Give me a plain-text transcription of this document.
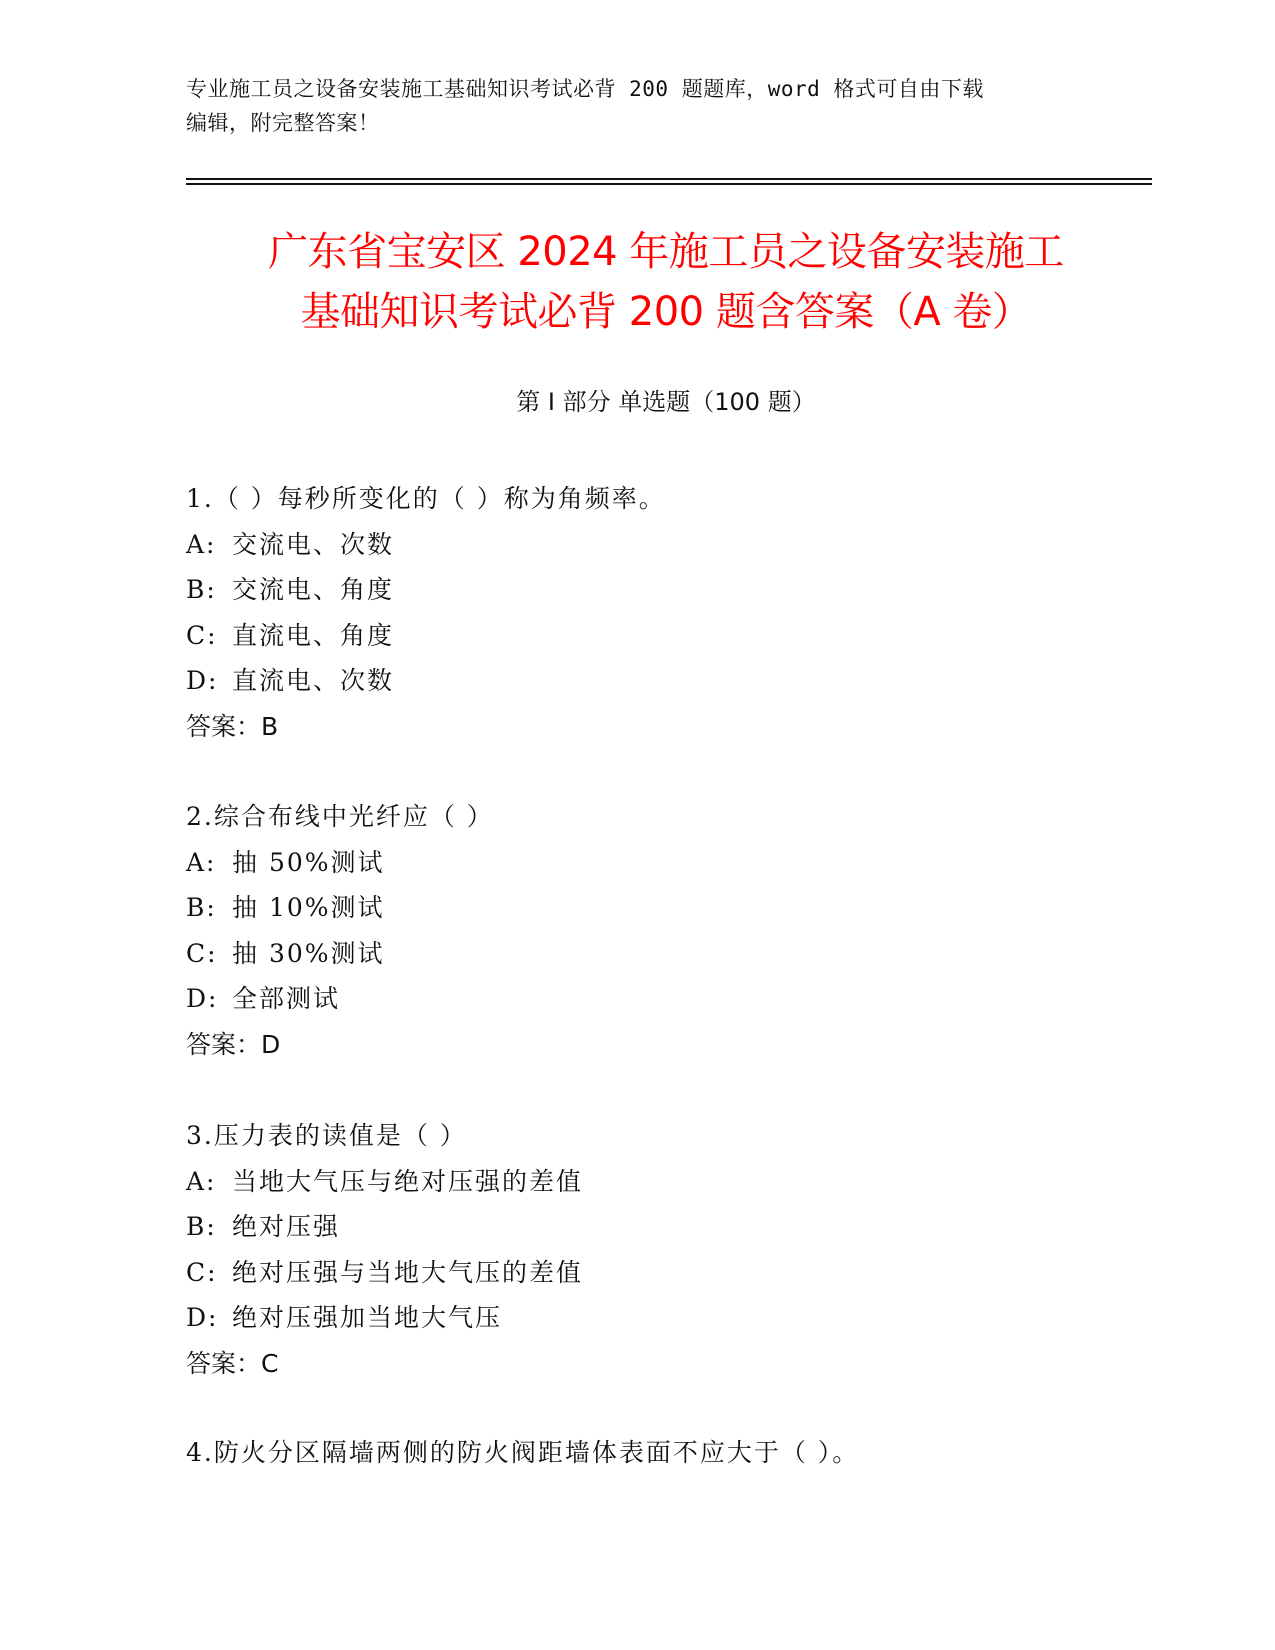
专业施工员之设备安装施工基础知识考试必背 200 题题库，word 格式可自由下载
编辑，附完整答案！
广东省宝安区 2024 年施工员之设备安装施工
基础知识考试必背 200 题含答案（A 卷）
第 I 部分 单选题（100 题）
1.（ ）每秒所变化的（ ）称为角频率。
A: 交流电、次数
B: 交流电、角度
C: 直流电、角度
D: 直流电、次数
答案：B
2.综合布线中光纤应（ ）
A: 抽 50%测试
B: 抽 10%测试
C: 抽 30%测试
D: 全部测试
答案：D
3.压力表的读值是（ ）
A: 当地大气压与绝对压强的差值
B: 绝对压强
C: 绝对压强与当地大气压的差值
D: 绝对压强加当地大气压
答案：C
4.防火分区隔墙两侧的防火阀距墙体表面不应大于（ ）。
